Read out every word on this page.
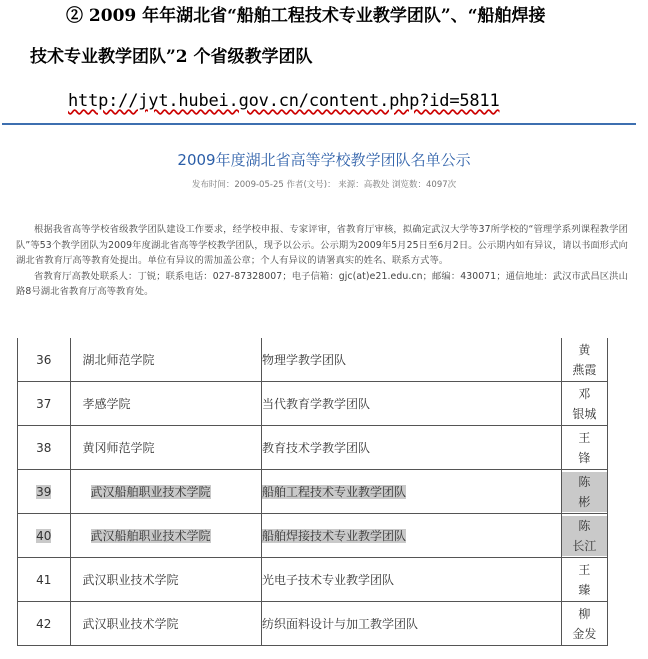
② 2009 年年湖北省“船舶工程技术专业教学团队”、“船舶焊接
技术专业教学团队”2 个省级教学团队
http://jyt.hubei.gov.cn/content.php?id=5811
2009年度湖北省高等学校教学团队名单公示
发布时间：2009-05-25 作者(文号)： 来源：高教处 浏览数：4097次

根据我省高等学校省级教学团队建设工作要求，经学校申报、专家评审，省教育厅审核，拟确定武汉大学等37所学校的“管理学系列课程教学团队”等53个教学团队为2009年度湖北省高等学校教学团队，现予以公示。公示期为2009年5月25日至6月2日。公示期内如有异议，请以书面形式向湖北省教育厅高等教育处提出。单位有异议的需加盖公章；个人有异议的请署真实的姓名、联系方式等。

省教育厅高教处联系人：丁锐；联系电话：027-87328007；电子信箱：gjc(at)e21.edu.cn；邮编：430071；通信地址：武汉市武昌区洪山路8号湖北省教育厅高等教育处。

36	湖北师范学院	物理学教学团队	黄
燕霞

37	孝感学院	当代教育学教学团队	邓
银城

38	黄冈师范学院	教育技术学教学团队	王
锋

39	武汉船舶职业技术学院	船舶工程技术专业教学团队	陈
彬

40	武汉船舶职业技术学院	船舶焊接技术专业教学团队	陈
长江

41	武汉职业技术学院	光电子技术专业教学团队	王
臻

42	武汉职业技术学院	纺织面料设计与加工教学团队	柳
金发
